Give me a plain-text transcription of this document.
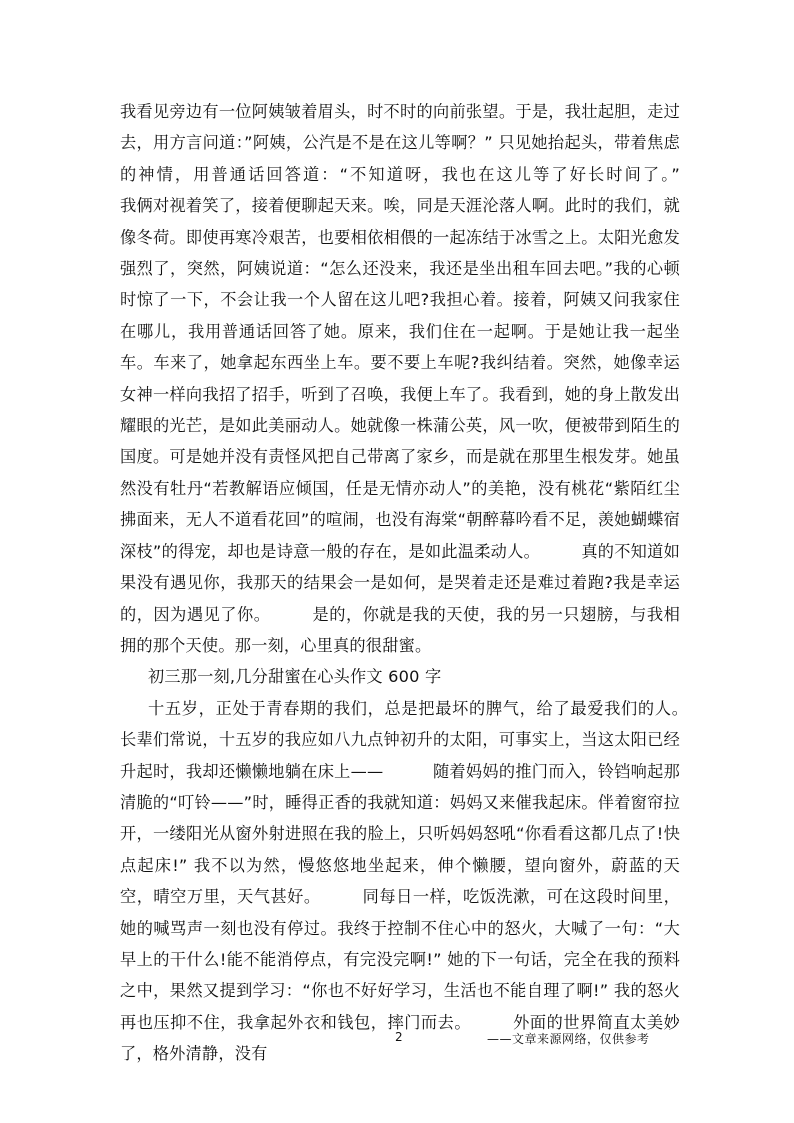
我看见旁边有一位阿姨皱着眉头，时不时的向前张望。于是，我壮起胆，走过去，用方言问道：”阿姨，公汽是不是在这儿等啊？” 只见她抬起头，带着焦虑的神情，用普通话回答道：“不知道呀，我也在这儿等了好长时间了。”　　　我俩对视着笑了，接着便聊起天来。唉，同是天涯沦落人啊。此时的我们，就像冬荷。即使再寒冷艰苦，也要相依相偎的一起冻结于冰雪之上。太阳光愈发强烈了，突然，阿姨说道：“怎么还没来，我还是坐出租车回去吧。”我的心顿时惊了一下，不会让我一个人留在这儿吧?我担心着。接着，阿姨又问我家住在哪儿，我用普通话回答了她。原来，我们住在一起啊。于是她让我一起坐车。车来了，她拿起东西坐上车。要不要上车呢?我纠结着。突然，她像幸运女神一样向我招了招手，听到了召唤，我便上车了。我看到，她的身上散发出耀眼的光芒，是如此美丽动人。她就像一株蒲公英，风一吹，便被带到陌生的国度。可是她并没有责怪风把自己带离了家乡，而是就在那里生根发芽。她虽然没有牡丹“若教解语应倾国，任是无情亦动人”的美艳，没有桃花“紫陌红尘拂面来，无人不道看花回”的喧闹，也没有海棠“朝醉幕吟看不足，羡她蝴蝶宿深枝”的得宠，却也是诗意一般的存在，是如此温柔动人。　　　真的不知道如果没有遇见你，我那天的结果会一是如何，是哭着走还是难过着跑?我是幸运的，因为遇见了你。　　　是的，你就是我的天使，我的另一只翅膀，与我相拥的那个天使。那一刻，心里真的很甜蜜。

初三那一刻,几分甜蜜在心头作文 600 字

十五岁，正处于青春期的我们，总是把最坏的脾气，给了最爱我们的人。　　　长辈们常说，十五岁的我应如八九点钟初升的太阳，可事实上，当这太阳已经升起时，我却还懒懒地躺在床上——　　　随着妈妈的推门而入，铃铛响起那清脆的“叮铃——”时，睡得正香的我就知道：妈妈又来催我起床。伴着窗帘拉开，一缕阳光从窗外射进照在我的脸上，只听妈妈怒吼“你看看这都几点了!快点起床!” 我不以为然，慢悠悠地坐起来，伸个懒腰，望向窗外，蔚蓝的天空，晴空万里，天气甚好。　　　同每日一样，吃饭洗漱，可在这段时间里，她的喊骂声一刻也没有停过。我终于控制不住心中的怒火，大喊了一句：“大早上的干什么!能不能消停点，有完没完啊!” 她的下一句话，完全在我的预料之中，果然又提到学习：“你也不好好学习，生活也不能自理了啊!” 我的怒火再也压抑不住，我拿起外衣和钱包，摔门而去。　　　外面的世界简直太美妙了，格外清静，没有

2	——文章来源网络，仅供参考
